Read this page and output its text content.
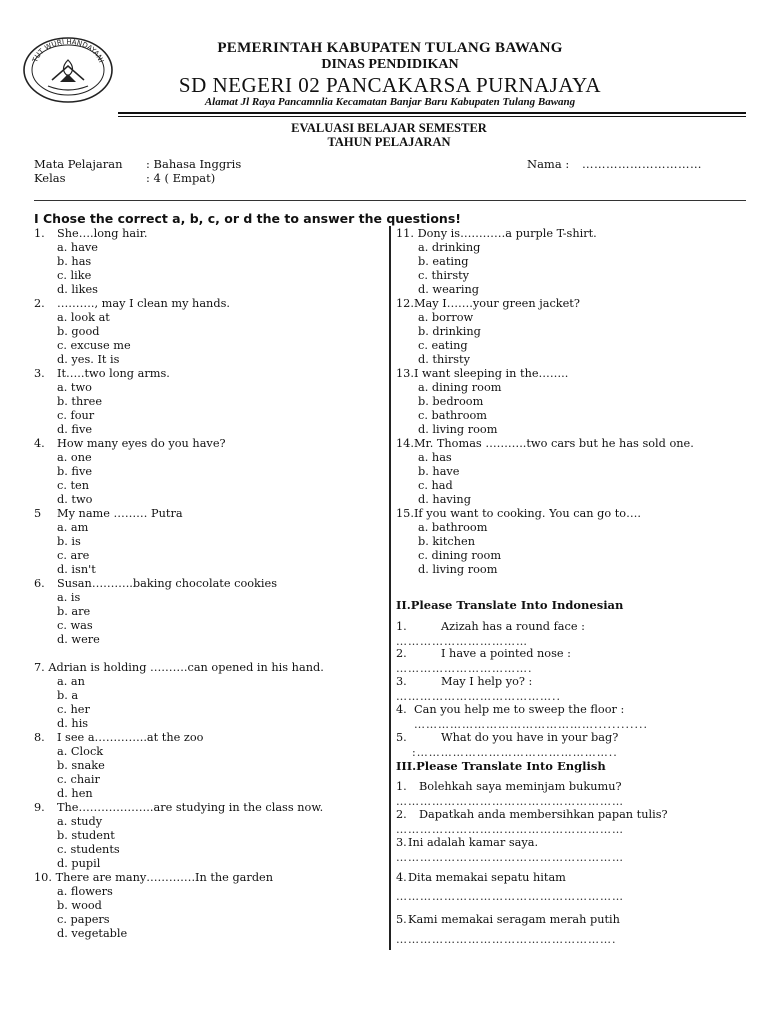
TUT WURI HANDAYANI
PEMERINTAH KABUPATEN TULANG BAWANG
DINAS PENDIDIKAN
SD NEGERI 02 PANCAKARSA PURNAJAYA
Alamat Jl Raya Pancamnlia Kecamatan Banjar Baru Kabupaten Tulang Bawang
EVALUASI BELAJAR SEMESTER
TAHUN PELAJARAN
Mata Pelajaran : Bahasa Inggris
Kelas	: 4 ( Empat)
Nama : …………………………
I Chose the correct a, b, c, or d the to answer the questions!
1. She….long hair.
a. have
b. has
c. like
d. likes
2. ………., may I clean my hands.
a. look at
b. good
c. excuse me
d. yes. It is
3. It…..two long arms.
a. two
b. three
c. four
d. five
4. How many eyes do you have?
a. one
b. five
c. ten
d. two
5 My name ……… Putra
a. am
b. is
c. are
d. isn't
6. Susan………..baking chocolate cookies
a. is
b. are
c. was
d. were
7. Adrian is holding ……….can opened in his hand.
a. an
b. a
c. her
d. his
8. I see a…………..at the zoo
a. Clock
b. snake
c. chair
d. hen
9. The………………..are studying in the class now.
a. study
b. student
c. students
d. pupil
10. There are many………….In the garden
a. flowers
b. wood
c. papers
d. vegetable
11. Dony is…………a purple T-shirt.
a. drinking
b. eating
c. thirsty
d. wearing
12.May I…….your green jacket?
a. borrow
b. drinking
c. eating
d. thirsty
13.I want sleeping in the……..
a. dining room
b. bedroom
c. bathroom
d. living room
14.Mr. Thomas ………..two cars but he has sold one.
a. has
b. have
c. had
d. having
15.If you want to cooking. You can go to….
a. bathroom
b. kitchen
c. dining room
d. living room
II.Please Translate Into Indonesian
1.	Azizah has a round face :
……………………………
2.	I have a pointed nose :
…………………………….
3.	May I help yo? :
…………………………………..
4. Can you help me to sweep the floor :
………………………………………............
5.	What do you have in your bag?
:…………………………………………..
III.Please Translate Into English
1. Bolehkah saya meminjam bukumu?
…………………………………………………
2. Dapatkah anda membersihkan papan tulis?
…………………………………………………
3. Ini adalah kamar saya.
…………………………………………………
4. Dita memakai sepatu hitam
…………………………………………………
5. Kami memakai seragam merah putih
……………………………………………….
